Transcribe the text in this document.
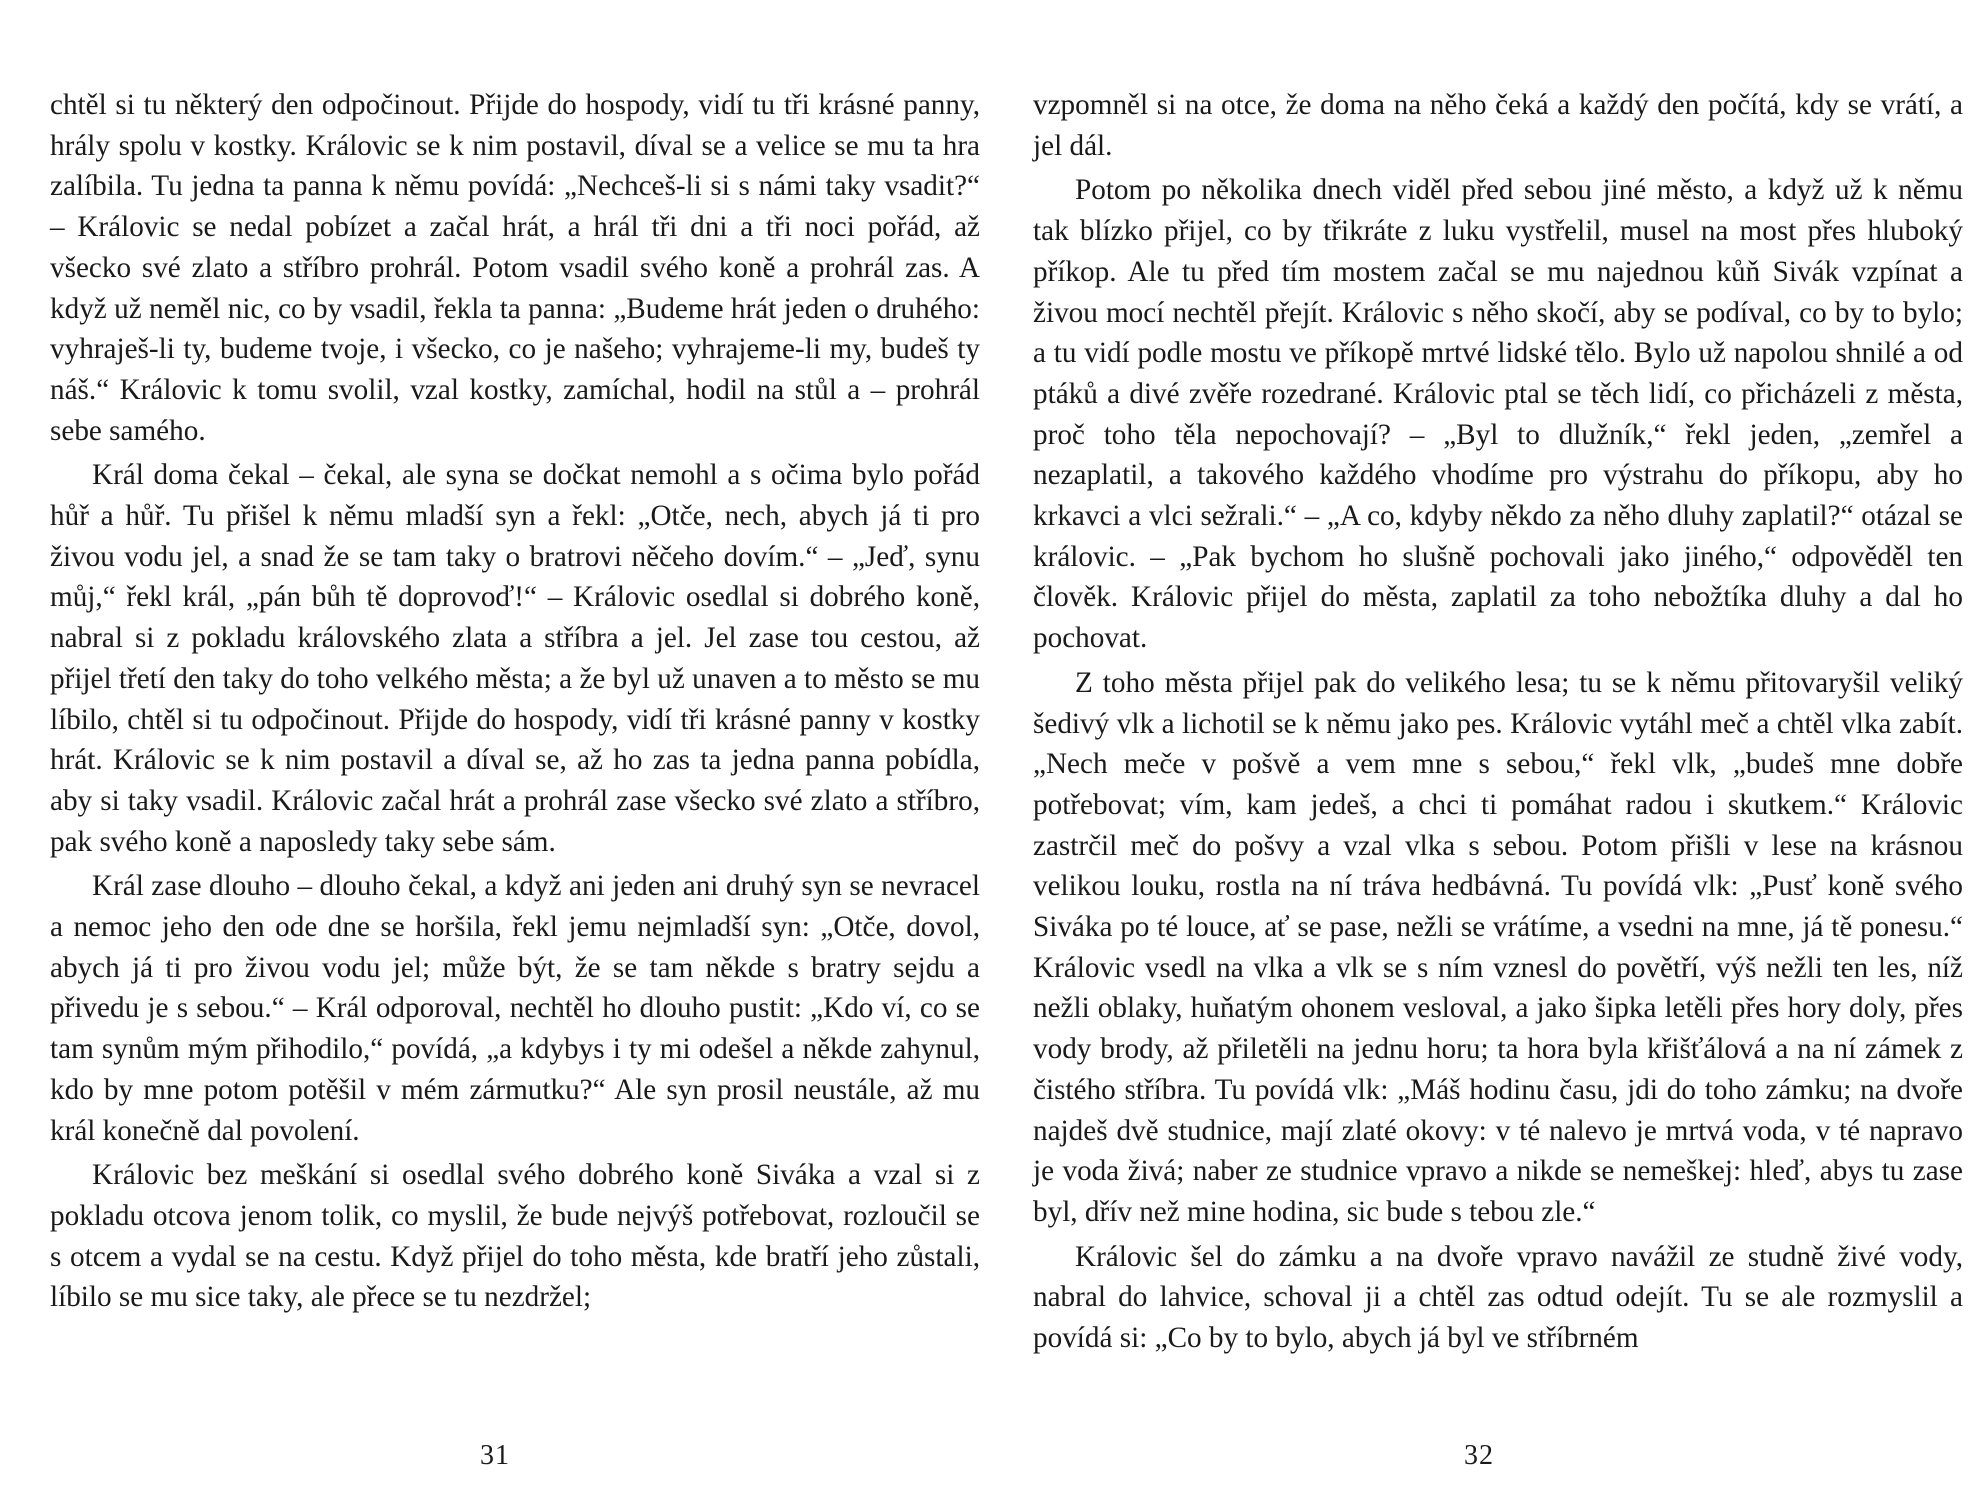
chtěl si tu některý den odpočinout. Přijde do hospody, vidí tu tři krásné panny, hrály spolu v kostky. Královic se k nim postavil, díval se a velice se mu ta hra zalíbila. Tu jedna ta panna k němu povídá: „Nechceš-li si s námi taky vsadit?“ – Královic se nedal pobízet a začal hrát, a hrál tři dni a tři noci pořád, až všecko své zlato a stříbro prohrál. Potom vsadil svého koně a prohrál zas. A když už neměl nic, co by vsadil, řekla ta panna: „Budeme hrát jeden o druhého: vyhraješ-li ty, budeme tvoje, i všecko, co je našeho; vyhrajeme-li my, budeš ty náš.“ Královic k tomu svolil, vzal kostky, zamíchal, hodil na stůl a – prohrál sebe samého.

Král doma čekal – čekal, ale syna se dočkat nemohl a s očima bylo pořád hůř a hůř. Tu přišel k němu mladší syn a řekl: „Otče, nech, abych já ti pro živou vodu jel, a snad že se tam taky o bratrovi něčeho dovím.“ – „Jeď, synu můj,“ řekl král, „pán bůh tě doprovoď!“ – Královic osedlal si dobrého koně, nabral si z pokladu královského zlata a stříbra a jel. Jel zase tou cestou, až přijel třetí den taky do toho velkého města; a že byl už unaven a to město se mu líbilo, chtěl si tu odpočinout. Přijde do hospody, vidí tři krásné panny v kostky hrát. Královic se k nim postavil a díval se, až ho zas ta jedna panna pobídla, aby si taky vsadil. Královic začal hrát a prohrál zase všecko své zlato a stříbro, pak svého koně a naposledy taky sebe sám.

Král zase dlouho – dlouho čekal, a když ani jeden ani druhý syn se nevracel a nemoc jeho den ode dne se horšila, řekl jemu nejmladší syn: „Otče, dovol, abych já ti pro živou vodu jel; může být, že se tam někde s bratry sejdu a přivedu je s sebou.“ – Král odporoval, nechtěl ho dlouho pustit: „Kdo ví, co se tam synům mým přihodilo,“ povídá, „a kdybys i ty mi odešel a někde zahynul, kdo by mne potom potěšil v mém zármutku?“ Ale syn prosil neustále, až mu král konečně dal povolení.

Královic bez meškání si osedlal svého dobrého koně Siváka a vzal si z pokladu otcova jenom tolik, co myslil, že bude nejvýš potřebovat, rozloučil se s otcem a vydal se na cestu. Když přijel do toho města, kde bratří jeho zůstali, líbilo se mu sice taky, ale přece se tu nezdržel;

vzpomněl si na otce, že doma na něho čeká a každý den počítá, kdy se vrátí, a jel dál.

Potom po několika dnech viděl před sebou jiné město, a když už k němu tak blízko přijel, co by třikráte z luku vystřelil, musel na most přes hluboký příkop. Ale tu před tím mostem začal se mu najednou kůň Sivák vzpínat a živou mocí nechtěl přejít. Královic s něho skočí, aby se podíval, co by to bylo; a tu vidí podle mostu ve příkopě mrtvé lidské tělo. Bylo už napolou shnilé a od ptáků a divé zvěře rozedrané. Královic ptal se těch lidí, co přicházeli z města, proč toho těla nepochovají? – „Byl to dlužník,“ řekl jeden, „zemřel a nezaplatil, a takového každého vhodíme pro výstrahu do příkopu, aby ho krkavci a vlci sežrali.“ – „A co, kdyby někdo za něho dluhy zaplatil?“ otázal se královic. – „Pak bychom ho slušně pochovali jako jiného,“ odpověděl ten člověk. Královic přijel do města, zaplatil za toho nebožtíka dluhy a dal ho pochovat.

Z toho města přijel pak do velikého lesa; tu se k němu přitovaryšil veliký šedivý vlk a lichotil se k němu jako pes. Královic vytáhl meč a chtěl vlka zabít. „Nech meče v pošvě a vem mne s sebou,“ řekl vlk, „budeš mne dobře potřebovat; vím, kam jedeš, a chci ti pomáhat radou i skutkem.“ Královic zastrčil meč do pošvy a vzal vlka s sebou. Potom přišli v lese na krásnou velikou louku, rostla na ní tráva hedbávná. Tu povídá vlk: „Pusť koně svého Siváka po té louce, ať se pase, nežli se vrátíme, a vsedni na mne, já tě ponesu.“ Královic vsedl na vlka a vlk se s ním vznesl do povětří, výš nežli ten les, níž nežli oblaky, huňatým ohonem vesloval, a jako šipka letěli přes hory doly, přes vody brody, až přiletěli na jednu horu; ta hora byla křišťálová a na ní zámek z čistého stříbra. Tu povídá vlk: „Máš hodinu času, jdi do toho zámku; na dvoře najdeš dvě studnice, mají zlaté okovy: v té nalevo je mrtvá voda, v té napravo je voda živá; naber ze studnice vpravo a nikde se nemeškej: hleď, abys tu zase byl, dřív než mine hodina, sic bude s tebou zle.“

Královic šel do zámku a na dvoře vpravo navážil ze studně živé vody, nabral do lahvice, schoval ji a chtěl zas odtud odejít. Tu se ale rozmyslil a povídá si: „Co by to bylo, abych já byl ve stříbrném

31	32
